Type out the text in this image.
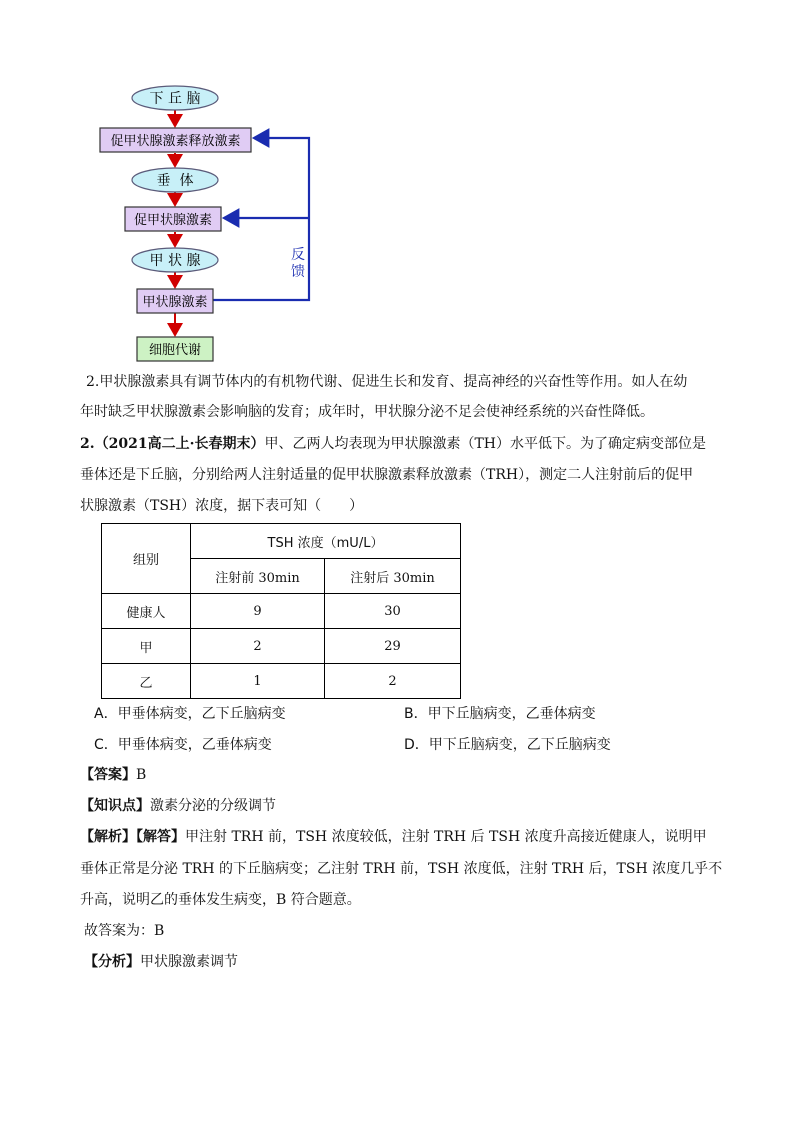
反
馈
下 丘 脑
促甲状腺激素释放激素
垂  体
促甲状腺激素
甲 状 腺
甲状腺激素
细胞代谢
2.甲状腺激素具有调节体内的有机物代谢、促进生长和发育、提高神经的兴奋性等作用。如人在幼
年时缺乏甲状腺激素会影响脑的发育；成年时，甲状腺分泌不足会使神经系统的兴奋性降低。
2.（2021高二上·长春期末）甲、乙两人均表现为甲状腺激素（TH）水平低下。为了确定病变部位是
垂体还是下丘脑，分别给两人注射适量的促甲状腺激素释放激素（TRH），测定二人注射前后的促甲
状腺激素（TSH）浓度，据下表可知（　　）
组别	TSH 浓度（mU/L）	
	注射前 30min	注射后 30min
健康人	9	30
甲	2	29
乙	1	2
A．甲垂体病变，乙下丘脑病变	B．甲下丘脑病变，乙垂体病变
C．甲垂体病变，乙垂体病变	D．甲下丘脑病变，乙下丘脑病变
【答案】B
【知识点】激素分泌的分级调节
【解析】【解答】甲注射 TRH 前，TSH 浓度较低，注射 TRH 后 TSH 浓度升高接近健康人，说明甲
垂体正常是分泌 TRH 的下丘脑病变；乙注射 TRH 前，TSH 浓度低，注射 TRH 后，TSH 浓度几乎不
升高，说明乙的垂体发生病变，B 符合题意。
故答案为：B
【分析】甲状腺激素调节
